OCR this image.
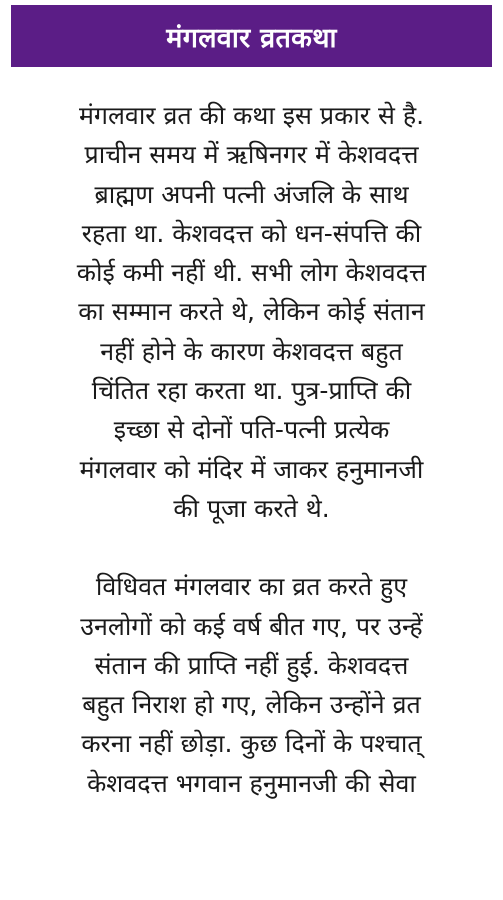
मंगलवार व्रतकथा

मंगलवार व्रत की कथा इस प्रकार से है.
प्राचीन समय में ऋषिनगर में केशवदत्त
ब्राह्मण अपनी पत्नी अंजलि के साथ
रहता था. केशवदत्त को धन-संपत्ति की
कोई कमी नहीं थी. सभी लोग केशवदत्त
का सम्मान करते थे, लेकिन कोई संतान
नहीं होने के कारण केशवदत्त बहुत
चिंतित रहा करता था. पुत्र-प्राप्ति की
इच्छा से दोनों पति-पत्नी प्रत्येक
मंगलवार को मंदिर में जाकर हनुमानजी
की पूजा करते थे.

विधिवत मंगलवार का व्रत करते हुए
उनलोगों को कई वर्ष बीत गए, पर उन्हें
संतान की प्राप्ति नहीं हुई. केशवदत्त
बहुत निराश हो गए, लेकिन उन्होंने व्रत
करना नहीं छोड़ा. कुछ दिनों के पश्चात्
केशवदत्त भगवान हनुमानजी की सेवा
